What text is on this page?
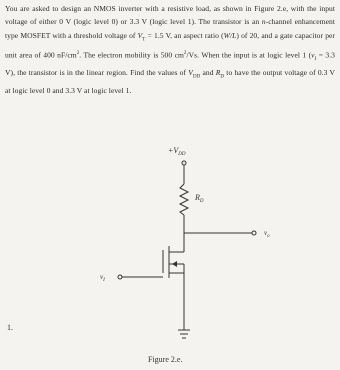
You are asked to design an NMOS inverter with a resistive load, as shown in Figure 2.e, with the input voltage of either 0 V (logic level 0) or 3.3 V (logic level 1). The transistor is an n-channel enhancement type MOSFET with a threshold voltage of $V_T = 1.5$ V, an aspect ratio (W/L) of 20, and a gate capacitor per unit area of 400 $nF/cm^2$. The electron mobility is 500 $cm^2/Vs$. When the input is at logic level 1 ($v_I = 3.3$ V), the transistor is in the linear region. Find the values of $V_{DD}$ and $R_D$ to have the output voltage of 0.3 V at logic level 0 and 3.3 V at logic level 1.
$+V_{DD}$
$R_D$
$v_o$
$v_I$
Figure 2.e.
1.
